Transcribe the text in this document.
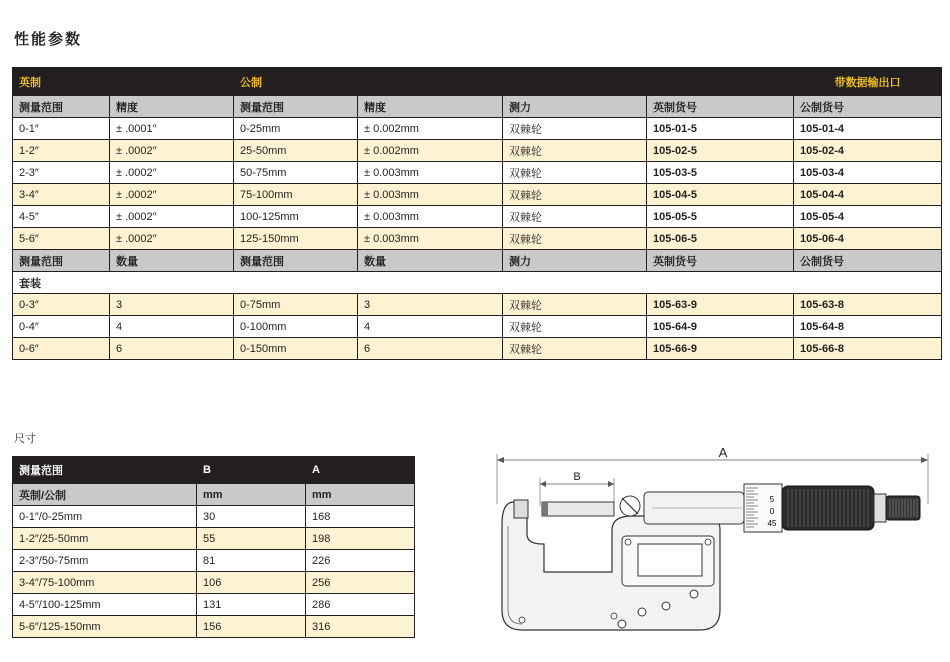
性能参数
英制		公制				带数据输出口
测量范围	精度	测量范围	精度	测力	英制货号	公制货号
0-1″	± .0001″	0-25mm	± 0.002mm	双棘轮	105-01-5	105-01-4
1-2″	± .0002″	25-50mm	± 0.002mm	双棘轮	105-02-5	105-02-4
2-3″	± .0002″	50-75mm	± 0.003mm	双棘轮	105-03-5	105-03-4
3-4″	± .0002″	75-100mm	± 0.003mm	双棘轮	105-04-5	105-04-4
4-5″	± .0002″	100-125mm	± 0.003mm	双棘轮	105-05-5	105-05-4
5-6″	± .0002″	125-150mm	± 0.003mm	双棘轮	105-06-5	105-06-4
测量范围	数量	测量范围	数量	测力	英制货号	公制货号
套装						
0-3″	3	0-75mm	3	双棘轮	105-63-9	105-63-8
0-4″	4	0-100mm	4	双棘轮	105-64-9	105-64-8
0-6″	6	0-150mm	6	双棘轮	105-66-9	105-66-8
尺寸
测量范围	B	A
英制/公制	mm	mm
0-1″/0-25mm	30	168
1-2″/25-50mm	55	198
2-3″/50-75mm	81	226
3-4″/75-100mm	106	256
4-5″/100-125mm	131	286
5-6″/125-150mm	156	316
A
B
5
0
45
